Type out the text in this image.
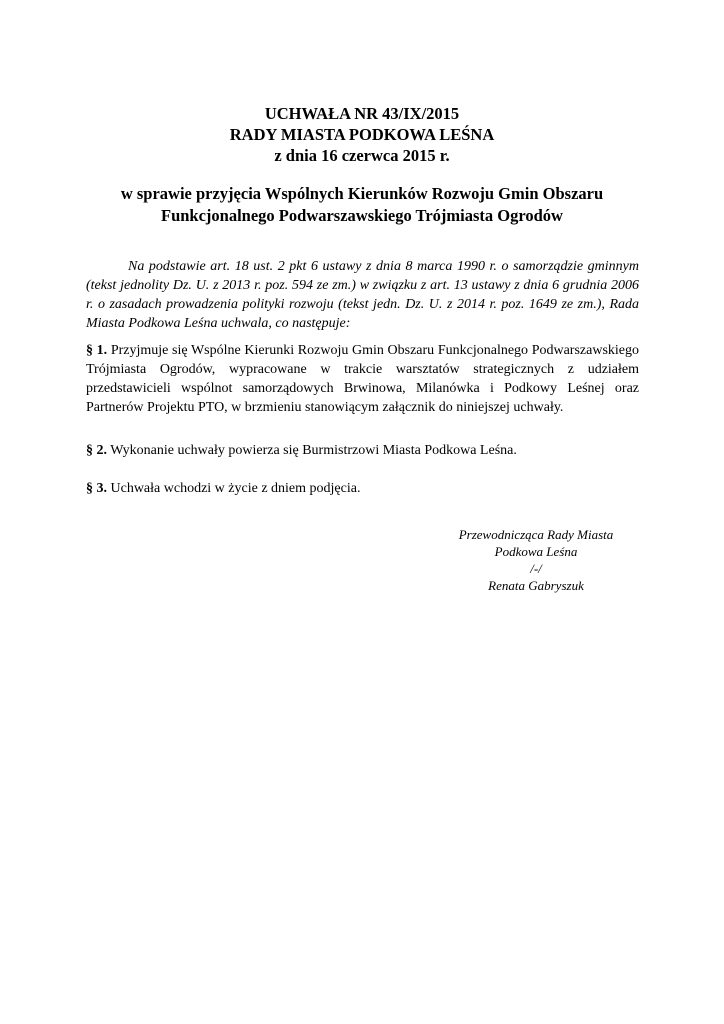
UCHWAŁA NR 43/IX/2015
RADY MIASTA PODKOWA LEŚNA
z dnia 16 czerwca 2015 r.
w sprawie przyjęcia Wspólnych Kierunków Rozwoju Gmin Obszaru
Funkcjonalnego Podwarszawskiego Trójmiasta Ogrodów
Na podstawie art. 18 ust. 2 pkt 6 ustawy z dnia 8 marca 1990 r. o samorządzie gminnym (tekst jednolity Dz. U. z 2013 r. poz. 594 ze zm.) w związku z art. 13 ustawy z dnia 6 grudnia 2006 r. o zasadach prowadzenia polityki rozwoju (tekst jedn. Dz. U. z 2014 r. poz. 1649 ze zm.), Rada Miasta Podkowa Leśna uchwala, co następuje:
§ 1. Przyjmuje się Wspólne Kierunki Rozwoju Gmin Obszaru Funkcjonalnego Podwarszawskiego Trójmiasta Ogrodów, wypracowane w trakcie warsztatów strategicznych z udziałem przedstawicieli wspólnot samorządowych Brwinowa, Milanówka i Podkowy Leśnej oraz Partnerów Projektu PTO, w brzmieniu stanowiącym załącznik do niniejszej uchwały.
§ 2. Wykonanie uchwały powierza się Burmistrzowi Miasta Podkowa Leśna.
§ 3. Uchwała wchodzi w życie z dniem podjęcia.
Przewodnicząca Rady Miasta
Podkowa Leśna
/-/
Renata Gabryszuk
